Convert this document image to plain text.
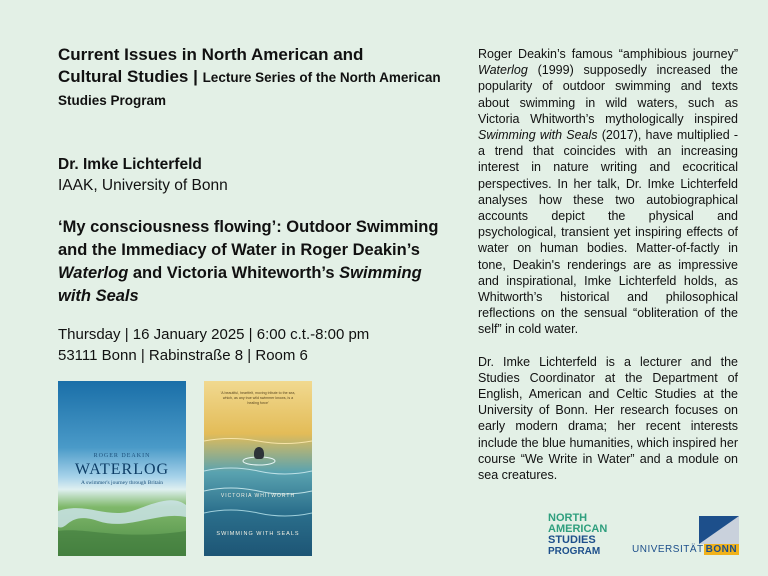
Current Issues in North American and
Cultural Studies | Lecture Series of the North American Studies Program

Dr. Imke Lichterfeld
IAAK, University of Bonn
‘My consciousness flowing’: Outdoor Swimming and the Immediacy of Water in Roger Deakin’s Waterlog and Victoria Whiteworth’s Swimming with Seals
Thursday | 16 January 2025 | 6:00 c.t.-8:00 pm
53111 Bonn | Rabinstraße 8 | Room 6
ROGER DEAKIN
WATERLOG
A swimmer's journey through Britain
'A beautiful, heartfelt, moving tribute to the sea, which, as any true wild swimmer knows, is a healing force'
VICTORIA WHITWORTH
SWIMMING WITH SEALS

Roger Deakin’s famous “amphibious journey” Waterlog (1999) supposedly increased the popularity of outdoor swimming and texts about swimming in wild waters, such as Victoria Whitworth’s mythologically inspired Swimming with Seals (2017), have multiplied - a trend that coincides with an increasing interest in nature writing and ecocritical perspectives. In her talk, Dr. Imke Lichterfeld analyses how these two autobiographical accounts depict the physical and psychological, transient yet inspiring effects of water on human bodies. Matter-of-factly in tone, Deakin's renderings are as impressive and inspirational, Imke Lichterfeld holds, as Whitworth’s historical and philosophical reflections on the sensual “obliteration of the self” in cold water.

Dr. Imke Lichterfeld is a lecturer and the Studies Coordinator at the Department of English, American and Celtic Studies at the University of Bonn. Her research focuses on early modern drama; her recent interests include the blue humanities, which inspired her course “We Write in Water” and a module on sea creatures.

NORTH
AMERICAN
STUDIES
PROGRAM	UNIVERSITÄT BONN
